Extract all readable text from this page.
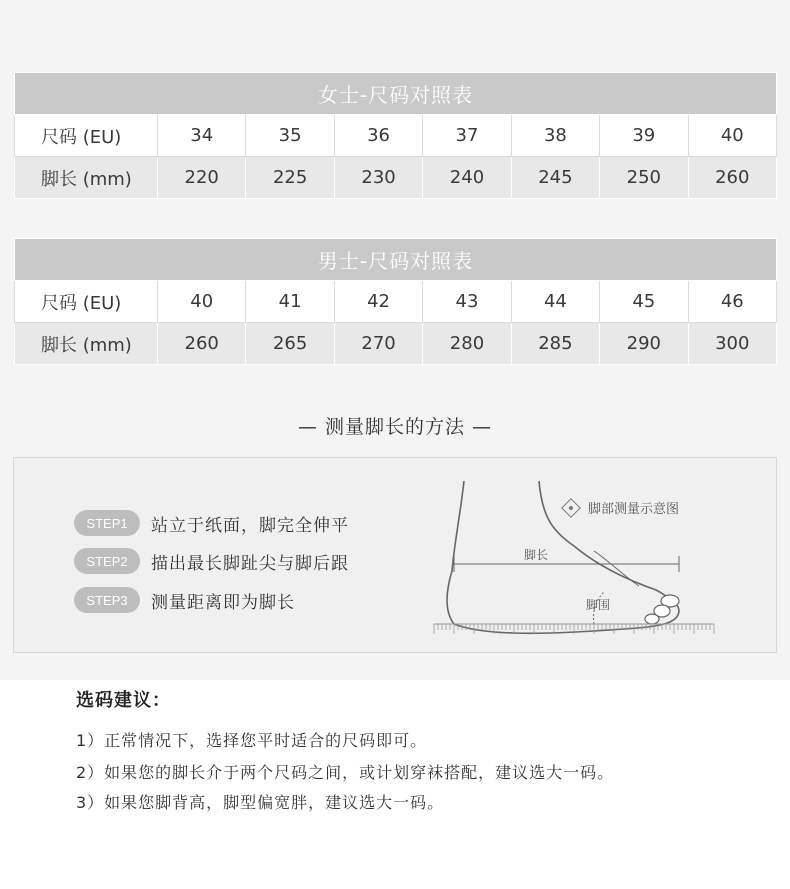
女士-尺码对照表							
尺码 (EU)	34	35	36	37	38	39	40
脚长 (mm)	220	225	230	240	245	250	260
男士-尺码对照表							
尺码 (EU)	40	41	42	43	44	45	46
脚长 (mm)	260	265	270	280	285	290	300
— 测量脚长的方法 —
STEP1	站立于纸面，脚完全伸平
STEP2	描出最长脚趾尖与脚后跟
STEP3	测量距离即为脚长
脚长
脚围
脚部测量示意图
选码建议：
1）正常情况下，选择您平时适合的尺码即可。
2）如果您的脚长介于两个尺码之间，或计划穿袜搭配，建议选大一码。
3）如果您脚背高，脚型偏宽胖，建议选大一码。
